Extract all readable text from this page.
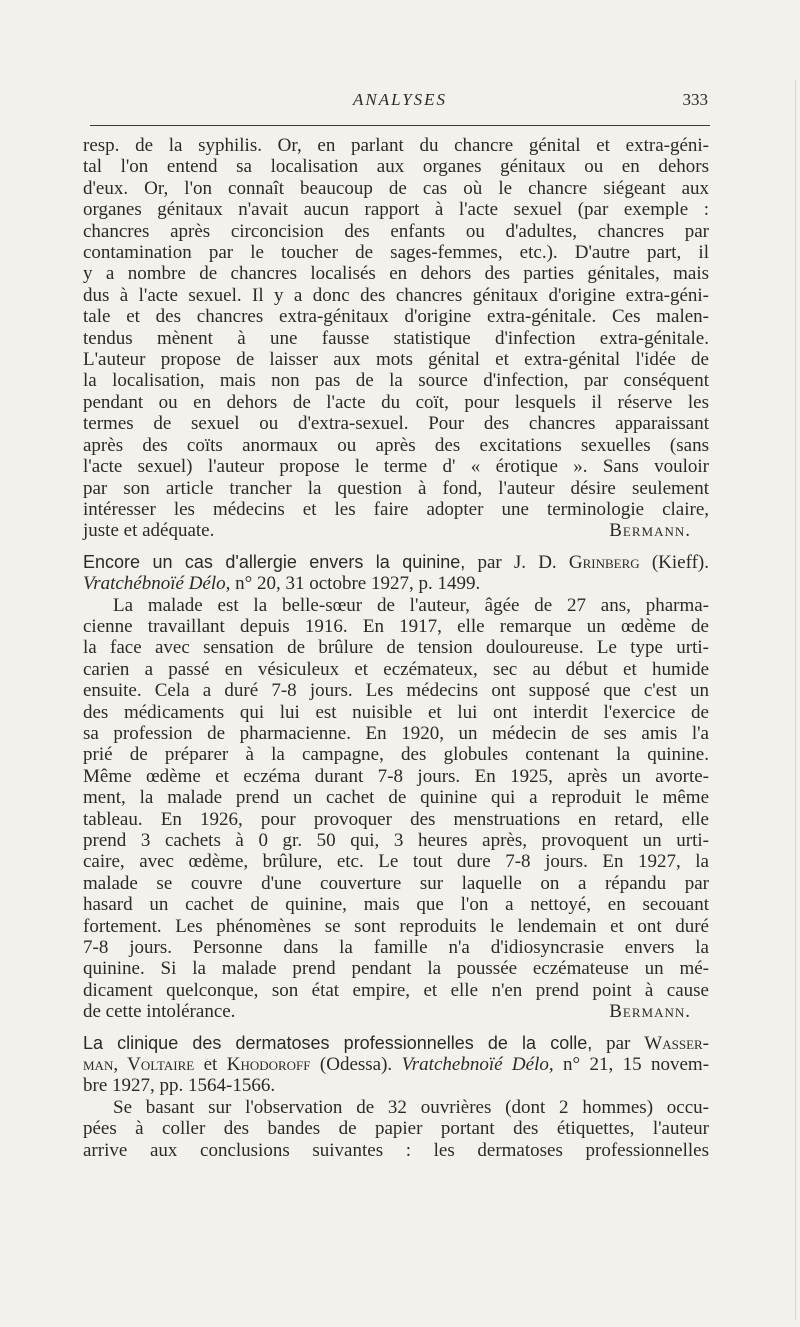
ANALYSES	333
resp. de la syphilis. Or, en parlant du chancre génital et extra-géni-
tal l'on entend sa localisation aux organes génitaux ou en dehors
d'eux. Or, l'on connaît beaucoup de cas où le chancre siégeant aux
organes génitaux n'avait aucun rapport à l'acte sexuel (par exemple :
chancres après circoncision des enfants ou d'adultes, chancres par
contamination par le toucher de sages-femmes, etc.). D'autre part, il
y a nombre de chancres localisés en dehors des parties génitales, mais
dus à l'acte sexuel. Il y a donc des chancres génitaux d'origine extra-géni-
tale et des chancres extra-génitaux d'origine extra-génitale. Ces malen-
tendus mènent à une fausse statistique d'infection extra-génitale.
L'auteur propose de laisser aux mots génital et extra-génital l'idée de
la localisation, mais non pas de la source d'infection, par conséquent
pendant ou en dehors de l'acte du coït, pour lesquels il réserve les
termes de sexuel ou d'extra-sexuel. Pour des chancres apparaissant
après des coïts anormaux ou après des excitations sexuelles (sans
l'acte sexuel) l'auteur propose le terme d' « érotique ». Sans vouloir
par son article trancher la question à fond, l'auteur désire seulement
intéresser les médecins et les faire adopter une terminologie claire,
juste et adéquate.	Bermann.
Encore un cas d'allergie envers la quinine, par J. D. Grinberg (Kieff).
Vratchébnoïé Délo, n° 20, 31 octobre 1927, p. 1499.
La malade est la belle-sœur de l'auteur, âgée de 27 ans, pharma-
cienne travaillant depuis 1916. En 1917, elle remarque un œdème de
la face avec sensation de brûlure de tension douloureuse. Le type urti-
carien a passé en vésiculeux et eczémateux, sec au début et humide
ensuite. Cela a duré 7-8 jours. Les médecins ont supposé que c'est un
des médicaments qui lui est nuisible et lui ont interdit l'exercice de
sa profession de pharmacienne. En 1920, un médecin de ses amis l'a
prié de préparer à la campagne, des globules contenant la quinine.
Même œdème et eczéma durant 7-8 jours. En 1925, après un avorte-
ment, la malade prend un cachet de quinine qui a reproduit le même
tableau. En 1926, pour provoquer des menstruations en retard, elle
prend 3 cachets à 0 gr. 50 qui, 3 heures après, provoquent un urti-
caire, avec œdème, brûlure, etc. Le tout dure 7-8 jours. En 1927, la
malade se couvre d'une couverture sur laquelle on a répandu par
hasard un cachet de quinine, mais que l'on a nettoyé, en secouant
fortement. Les phénomènes se sont reproduits le lendemain et ont duré
7-8 jours. Personne dans la famille n'a d'idiosyncrasie envers la
quinine. Si la malade prend pendant la poussée eczémateuse un mé-
dicament quelconque, son état empire, et elle n'en prend point à cause
de cette intolérance.	Bermann.
La clinique des dermatoses professionnelles de la colle, par Wasser-
man, Voltaire et Khodoroff (Odessa). Vratchebnoïé Délo, n° 21, 15 novem-
bre 1927, pp. 1564-1566.
Se basant sur l'observation de 32 ouvrières (dont 2 hommes) occu-
pées à coller des bandes de papier portant des étiquettes, l'auteur
arrive aux conclusions suivantes : les dermatoses professionnelles
